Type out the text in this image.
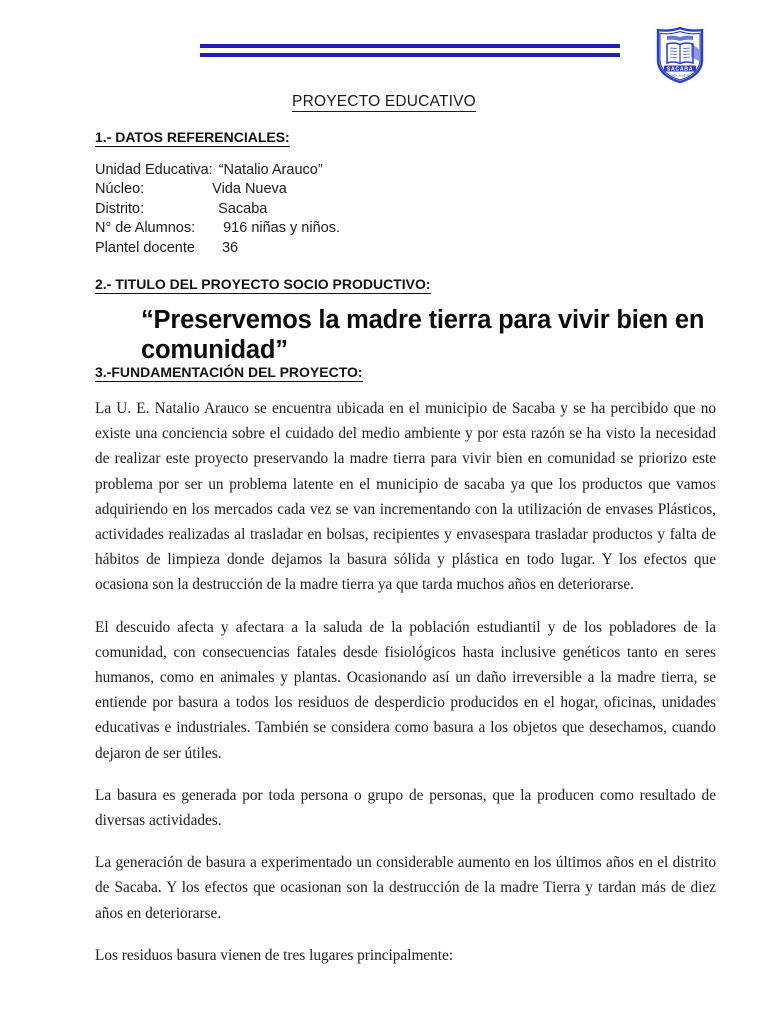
SACABA
VIDA NUEVA
PROYECTO EDUCATIVO
1.- DATOS REFERENCIALES:
Unidad Educativa: “Natalio Arauco”
Núcleo:	Vida Nueva
Distrito:	Sacaba
N° de Alumnos: 916 niñas y niños.
Plantel docente 36
2.- TITULO DEL PROYECTO SOCIO PRODUCTIVO:
“Preservemos la madre tierra para vivir bien en comunidad”
3.-FUNDAMENTACIÓN DEL PROYECTO:

La U. E. Natalio Arauco se encuentra ubicada en el municipio de Sacaba y se ha percibido que no existe una conciencia sobre el cuidado del medio ambiente y por esta razón se ha visto la necesidad de realizar este proyecto preservando la madre tierra para vivir bien en comunidad se priorizo este problema por ser un problema latente en el municipio de sacaba ya que los productos que vamos adquiriendo en los mercados cada vez se van incrementando con la utilización de envases Plásticos, actividades realizadas al trasladar en bolsas, recipientes y envasespara trasladar productos y falta de hábitos de limpieza donde dejamos la basura sólida y plástica en todo lugar. Y los efectos que ocasiona son la destrucción de la madre tierra ya que tarda muchos años en deteriorarse.

El descuido afecta y afectara a la saluda de la población estudiantil y de los pobladores de la comunidad, con consecuencias fatales desde fisiológicos hasta inclusive genéticos tanto en seres humanos, como en animales y plantas. Ocasionando así un daño irreversible a la madre tierra, se entiende por basura a todos los residuos de desperdicio producidos en el hogar, oficinas, unidades educativas e industriales. También se considera como basura a los objetos que desechamos, cuando dejaron de ser útiles.

La basura es generada por toda persona o grupo de personas, que la producen como resultado de diversas actividades.

La generación de basura a experimentado un considerable aumento en los últimos años en el distrito de Sacaba. Y los efectos que ocasionan son la destrucción de la madre Tierra y tardan más de diez años en deteriorarse.

Los residuos basura vienen de tres lugares principalmente:
